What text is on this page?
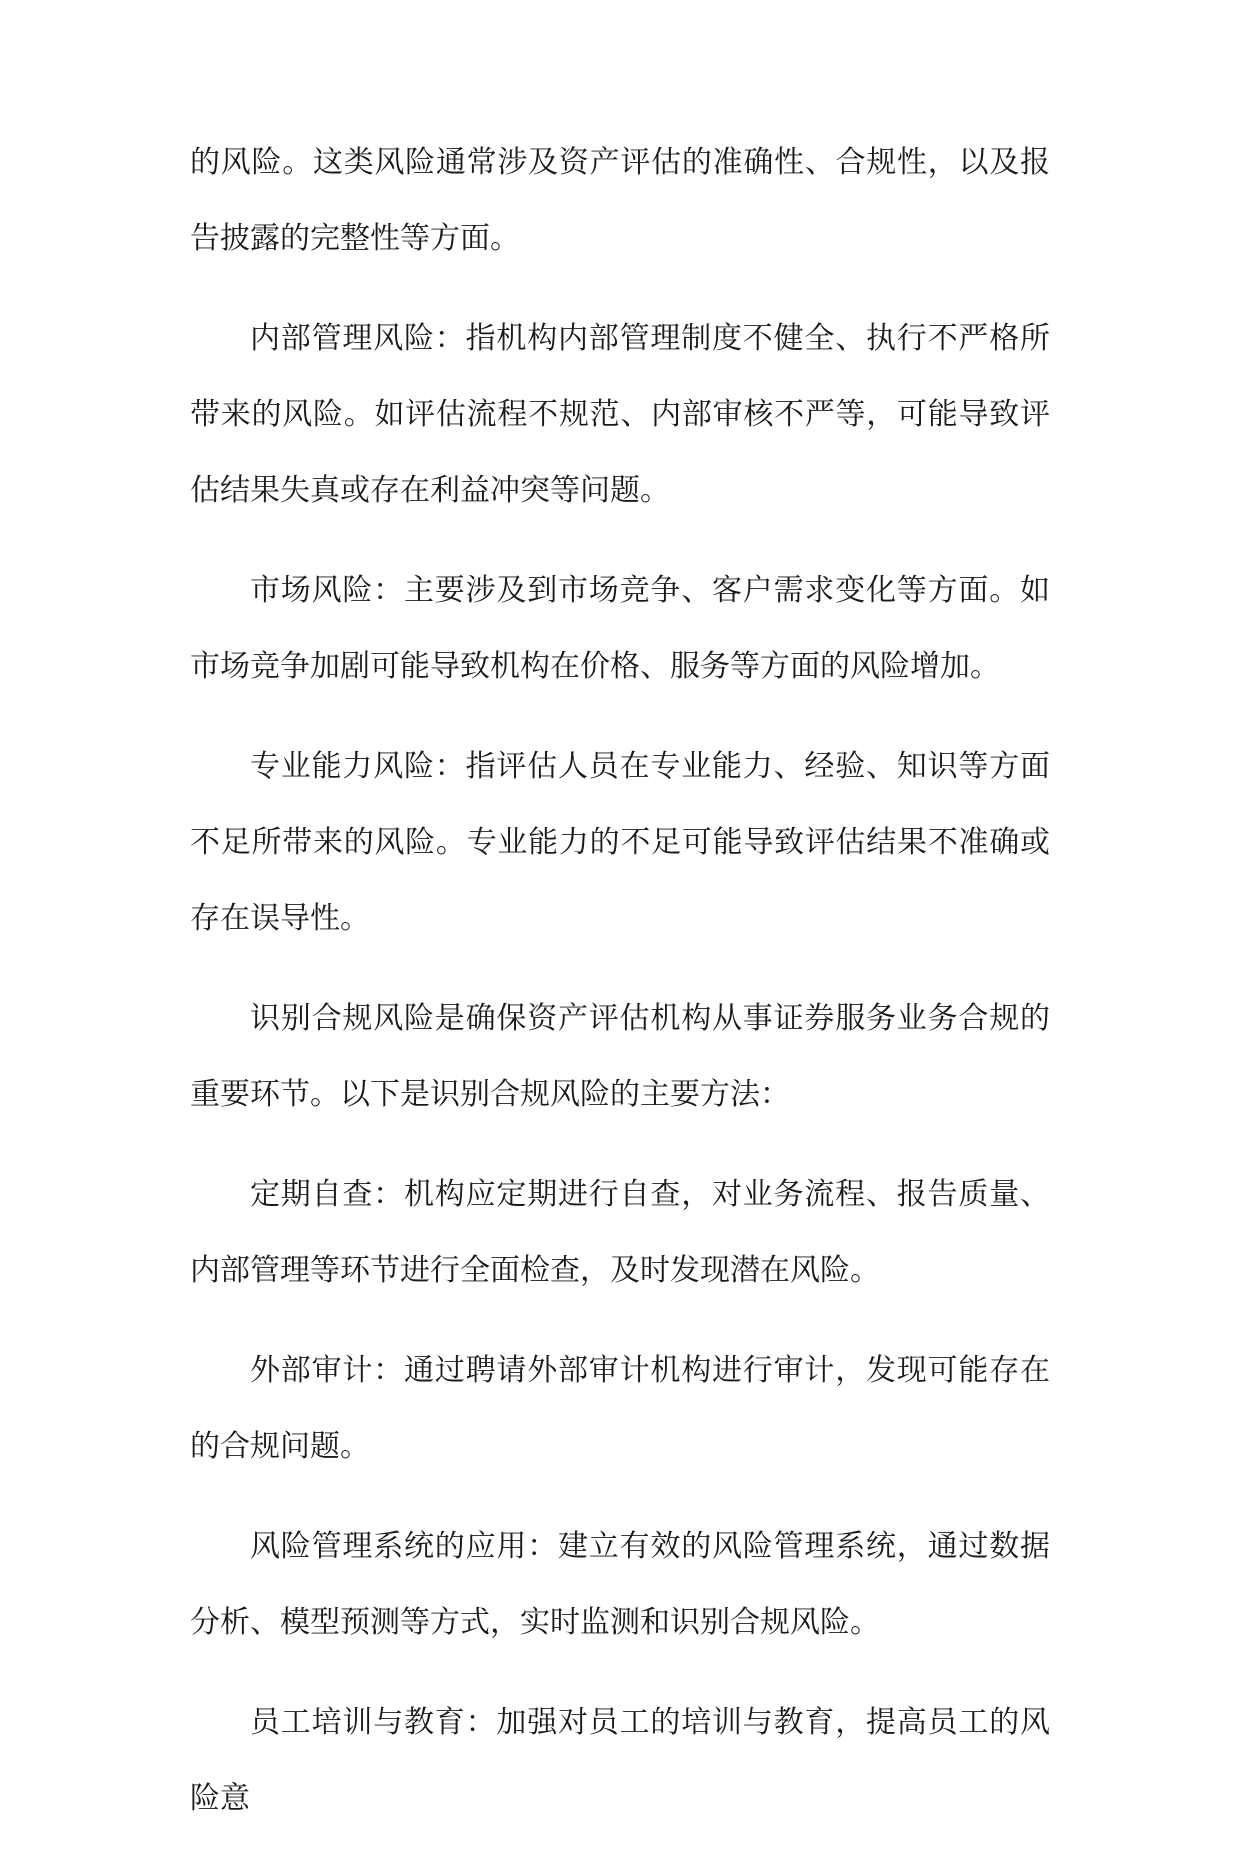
的风险。这类风险通常涉及资产评估的准确性、合规性，以及报告披露的完整性等方面。

内部管理风险：指机构内部管理制度不健全、执行不严格所带来的风险。如评估流程不规范、内部审核不严等，可能导致评估结果失真或存在利益冲突等问题。

市场风险：主要涉及到市场竞争、客户需求变化等方面。如市场竞争加剧可能导致机构在价格、服务等方面的风险增加。

专业能力风险：指评估人员在专业能力、经验、知识等方面不足所带来的风险。专业能力的不足可能导致评估结果不准确或存在误导性。

识别合规风险是确保资产评估机构从事证券服务业务合规的重要环节。以下是识别合规风险的主要方法：

定期自查：机构应定期进行自查，对业务流程、报告质量、内部管理等环节进行全面检查，及时发现潜在风险。

外部审计：通过聘请外部审计机构进行审计，发现可能存在的合规问题。

风险管理系统的应用：建立有效的风险管理系统，通过数据分析、模型预测等方式，实时监测和识别合规风险。

员工培训与教育：加强对员工的培训与教育，提高员工的风险意
